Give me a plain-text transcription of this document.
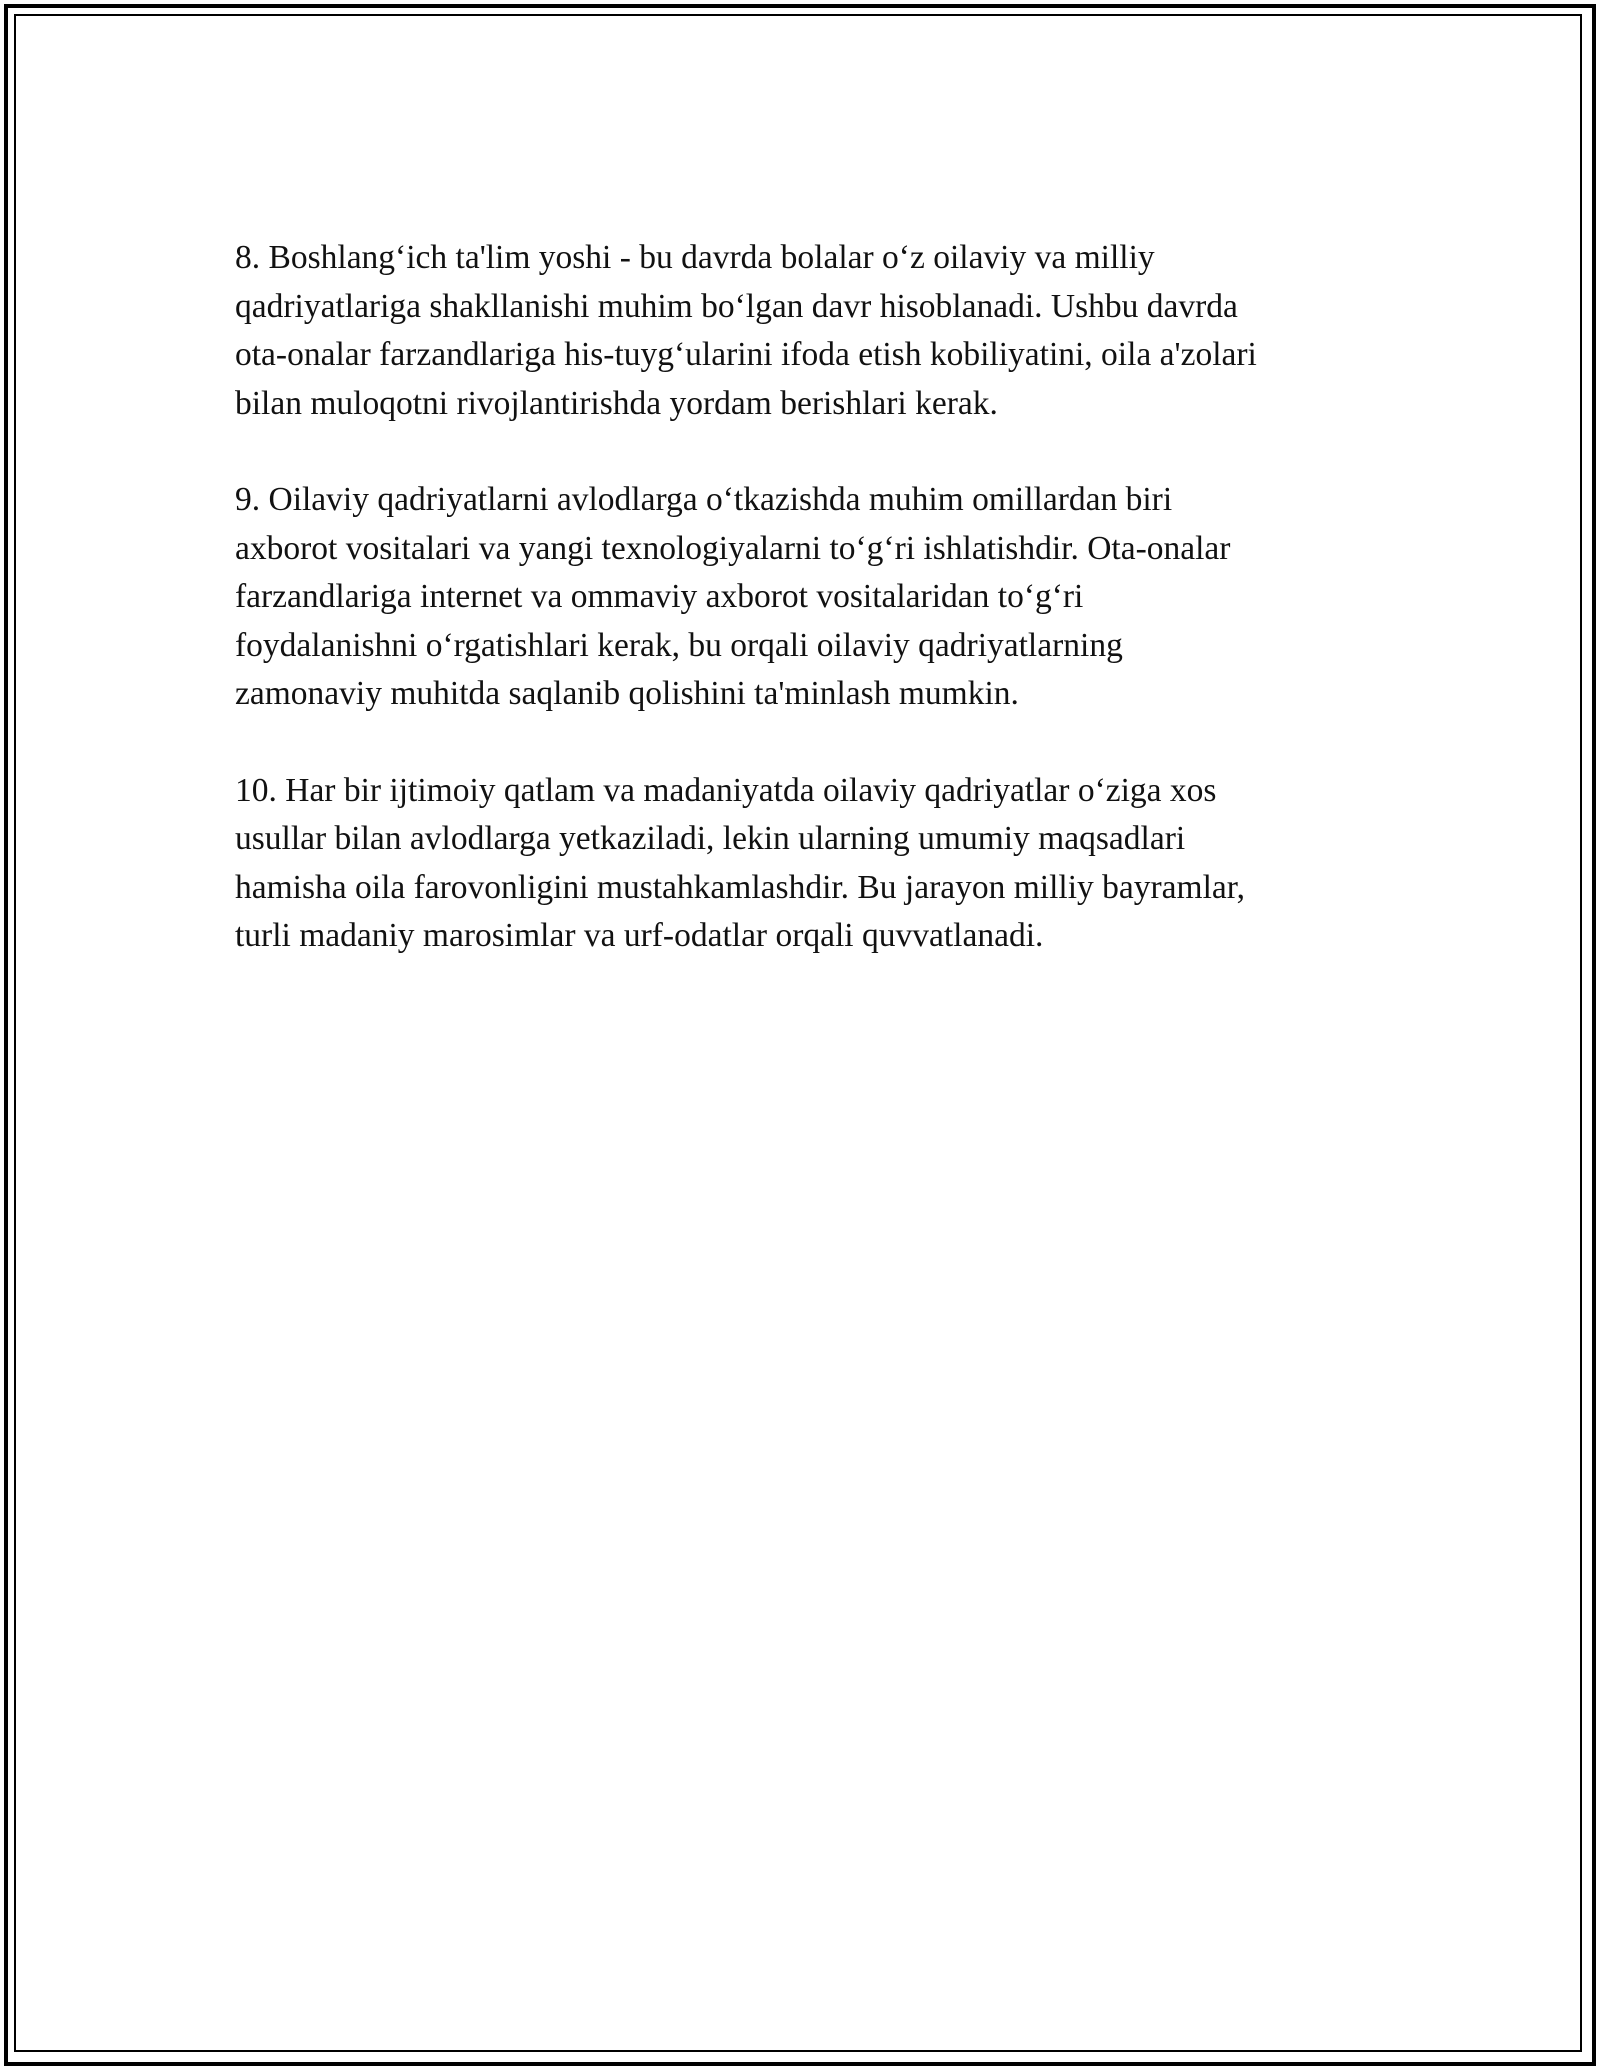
8. Boshlang‘ich ta'lim yoshi - bu davrda bolalar o‘z oilaviy va milliy
qadriyatlariga shakllanishi muhim bo‘lgan davr hisoblanadi. Ushbu davrda
ota-onalar farzandlariga his-tuyg‘ularini ifoda etish kobiliyatini, oila a'zolari
bilan muloqotni rivojlantirishda yordam berishlari kerak.

9. Oilaviy qadriyatlarni avlodlarga o‘tkazishda muhim omillardan biri
axborot vositalari va yangi texnologiyalarni to‘g‘ri ishlatishdir. Ota-onalar
farzandlariga internet va ommaviy axborot vositalaridan to‘g‘ri
foydalanishni o‘rgatishlari kerak, bu orqali oilaviy qadriyatlarning
zamonaviy muhitda saqlanib qolishini ta'minlash mumkin.

10. Har bir ijtimoiy qatlam va madaniyatda oilaviy qadriyatlar o‘ziga xos
usullar bilan avlodlarga yetkaziladi, lekin ularning umumiy maqsadlari
hamisha oila farovonligini mustahkamlashdir. Bu jarayon milliy bayramlar,
turli madaniy marosimlar va urf-odatlar orqali quvvatlanadi.
